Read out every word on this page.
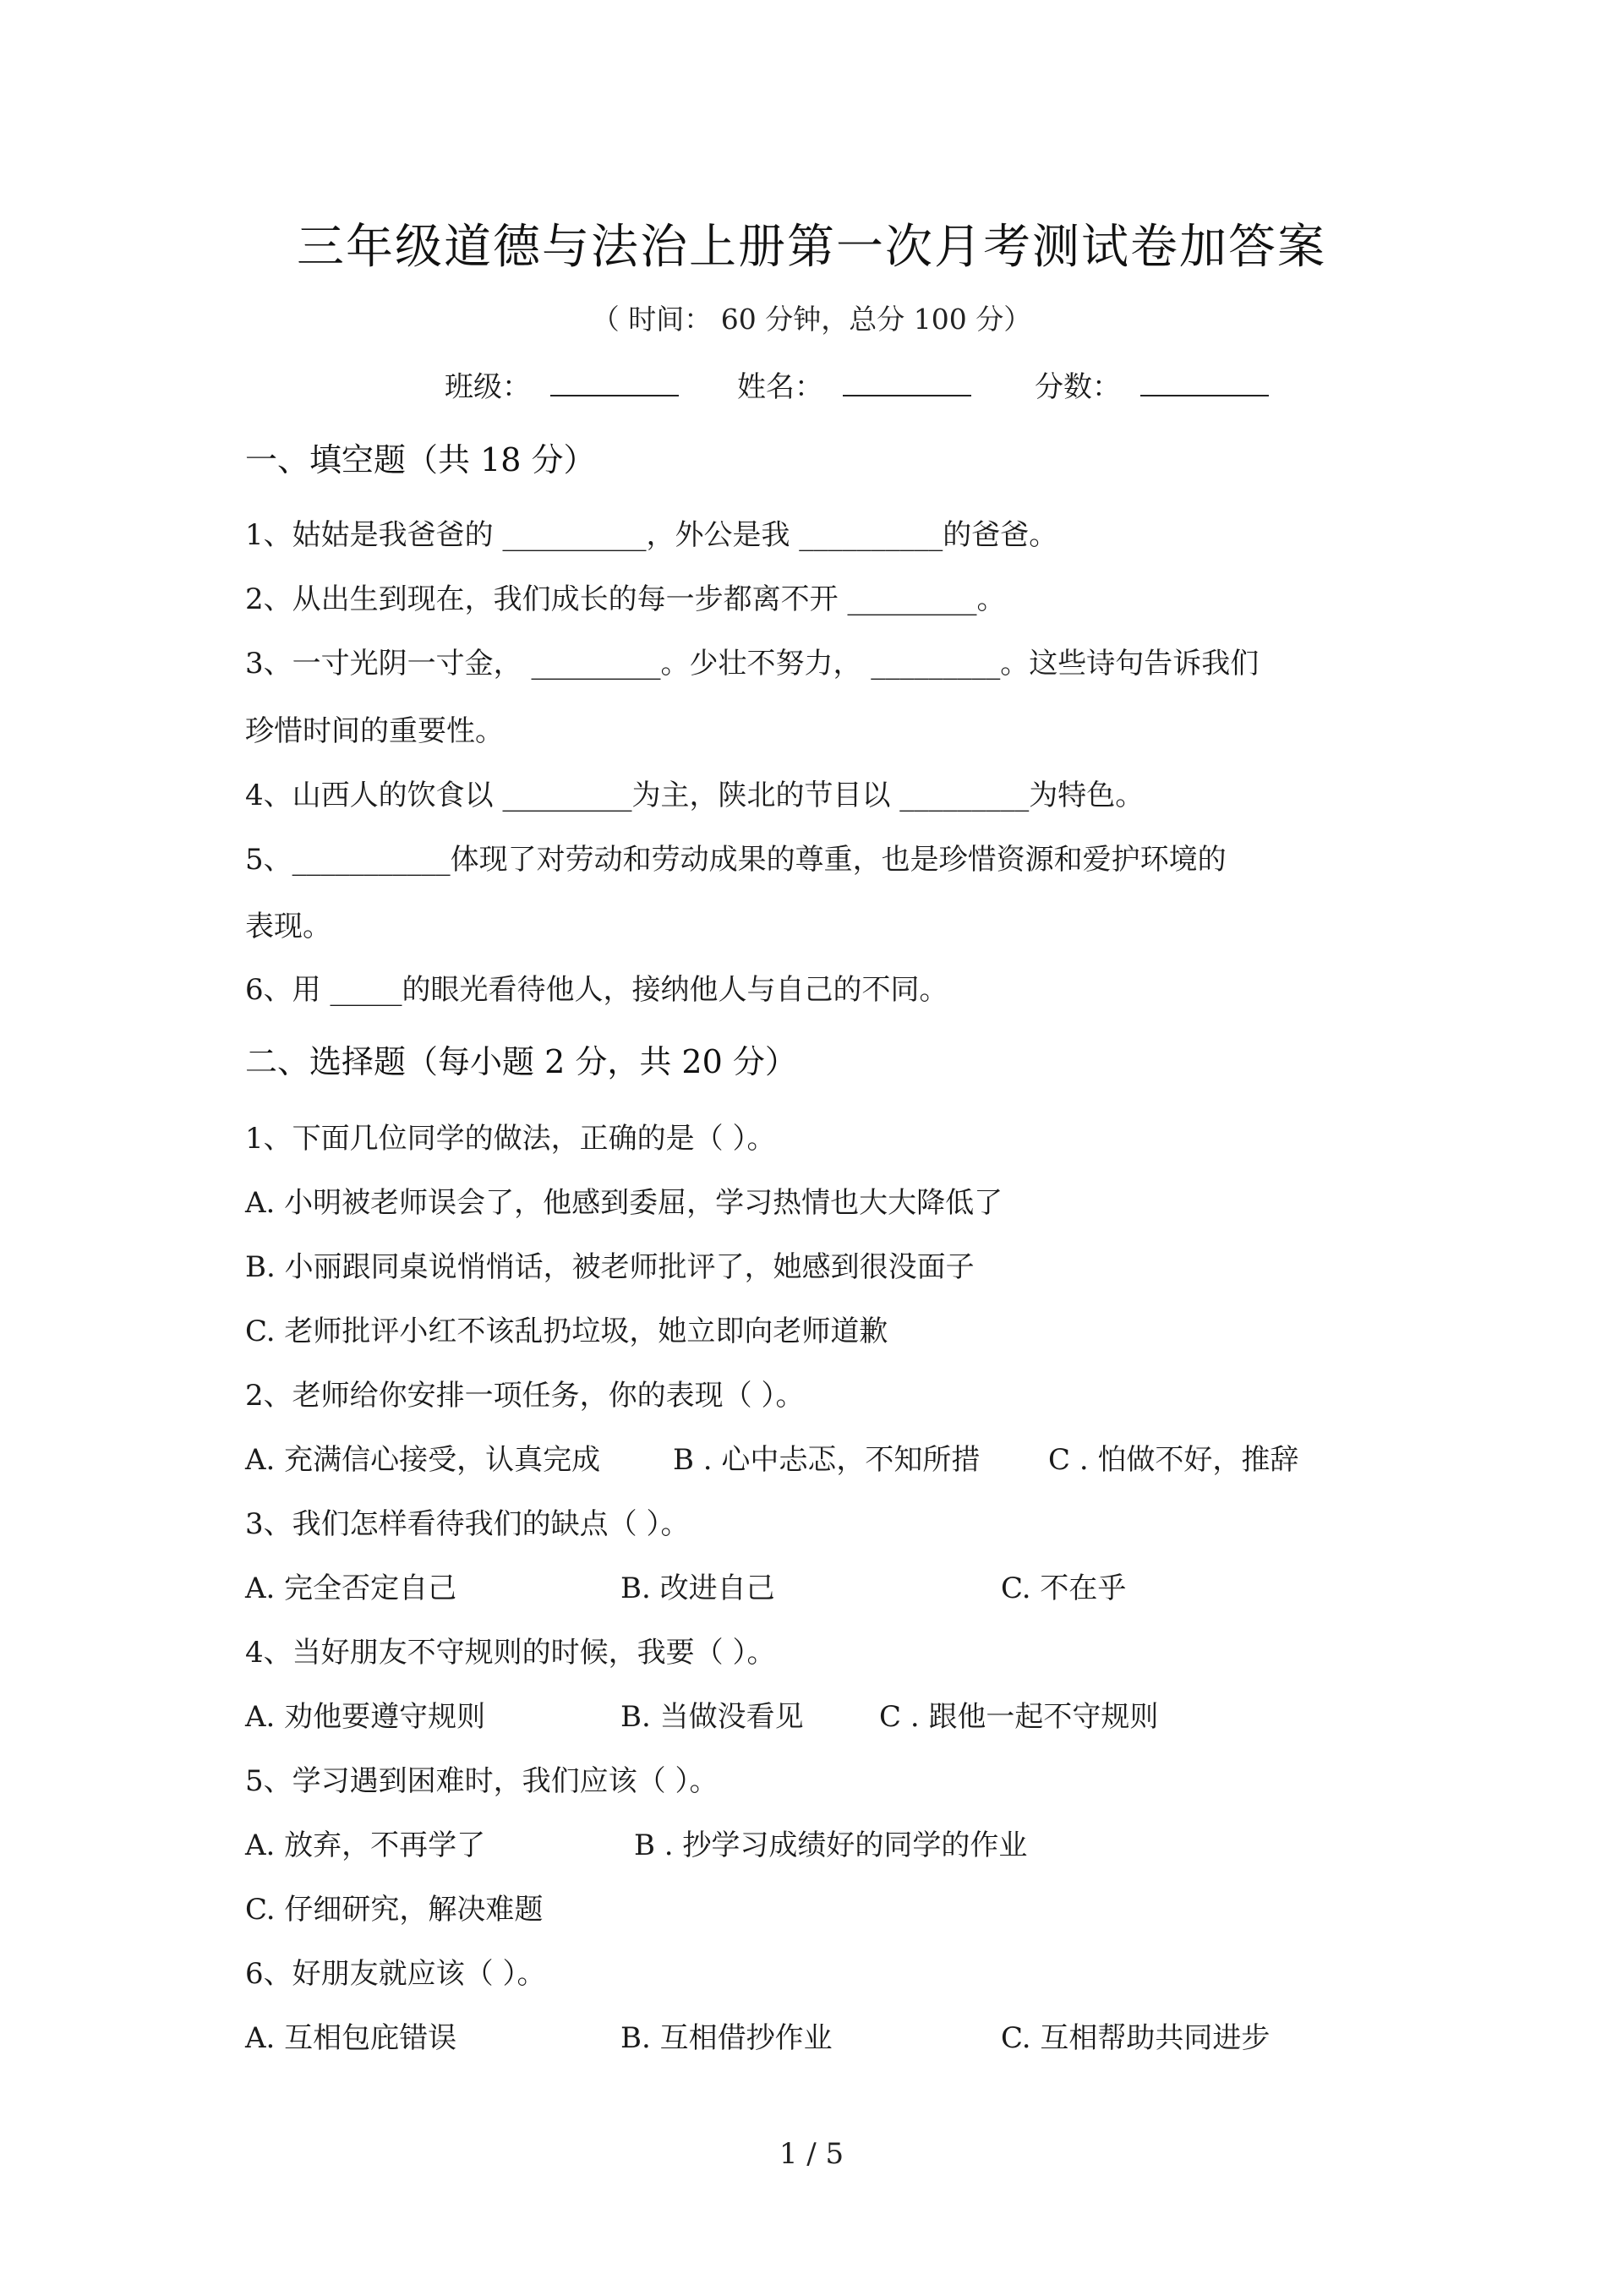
三年级道德与法治上册第一次月考测试卷加答案
（ 时间： 60 分钟，总分 100 分）
班级：	姓名：	分数：
一、填空题（共 18 分）
1、姑姑是我爸爸的 __________，外公是我 __________的爸爸。
2、从出生到现在，我们成长的每一步都离不开 _________。
3、一寸光阴一寸金， _________。少壮不努力， _________。这些诗句告诉我们
珍惜时间的重要性。
4、山西人的饮食以 _________为主，陕北的节目以 _________为特色。
5、___________体现了对劳动和劳动成果的尊重，也是珍惜资源和爱护环境的
表现。
6、用 _____的眼光看待他人，接纳他人与自己的不同。
二、选择题（每小题 2 分，共 20 分）
1、下面几位同学的做法，正确的是（ ）。
A. 小明被老师误会了，他感到委屈，学习热情也大大降低了
B. 小丽跟同桌说悄悄话，被老师批评了，她感到很没面子
C. 老师批评小红不该乱扔垃圾，她立即向老师道歉
2、老师给你安排一项任务，你的表现（ ）。
A. 充满信心接受，认真完成	B . 心中忐忑，不知所措 C . 怕做不好，推辞
3、我们怎样看待我们的缺点（ ）。
A. 完全否定自己	B. 改进自己	C. 不在乎
4、当好朋友不守规则的时候，我要（ ）。
A. 劝他要遵守规则	B. 当做没看见	C . 跟他一起不守规则
5、学习遇到困难时，我们应该（ ）。
A. 放弃，不再学了	B . 抄学习成绩好的同学的作业
C. 仔细研究，解决难题
6、好朋友就应该（ ）。
A. 互相包庇错误	B. 互相借抄作业	C. 互相帮助共同进步
1 / 5
